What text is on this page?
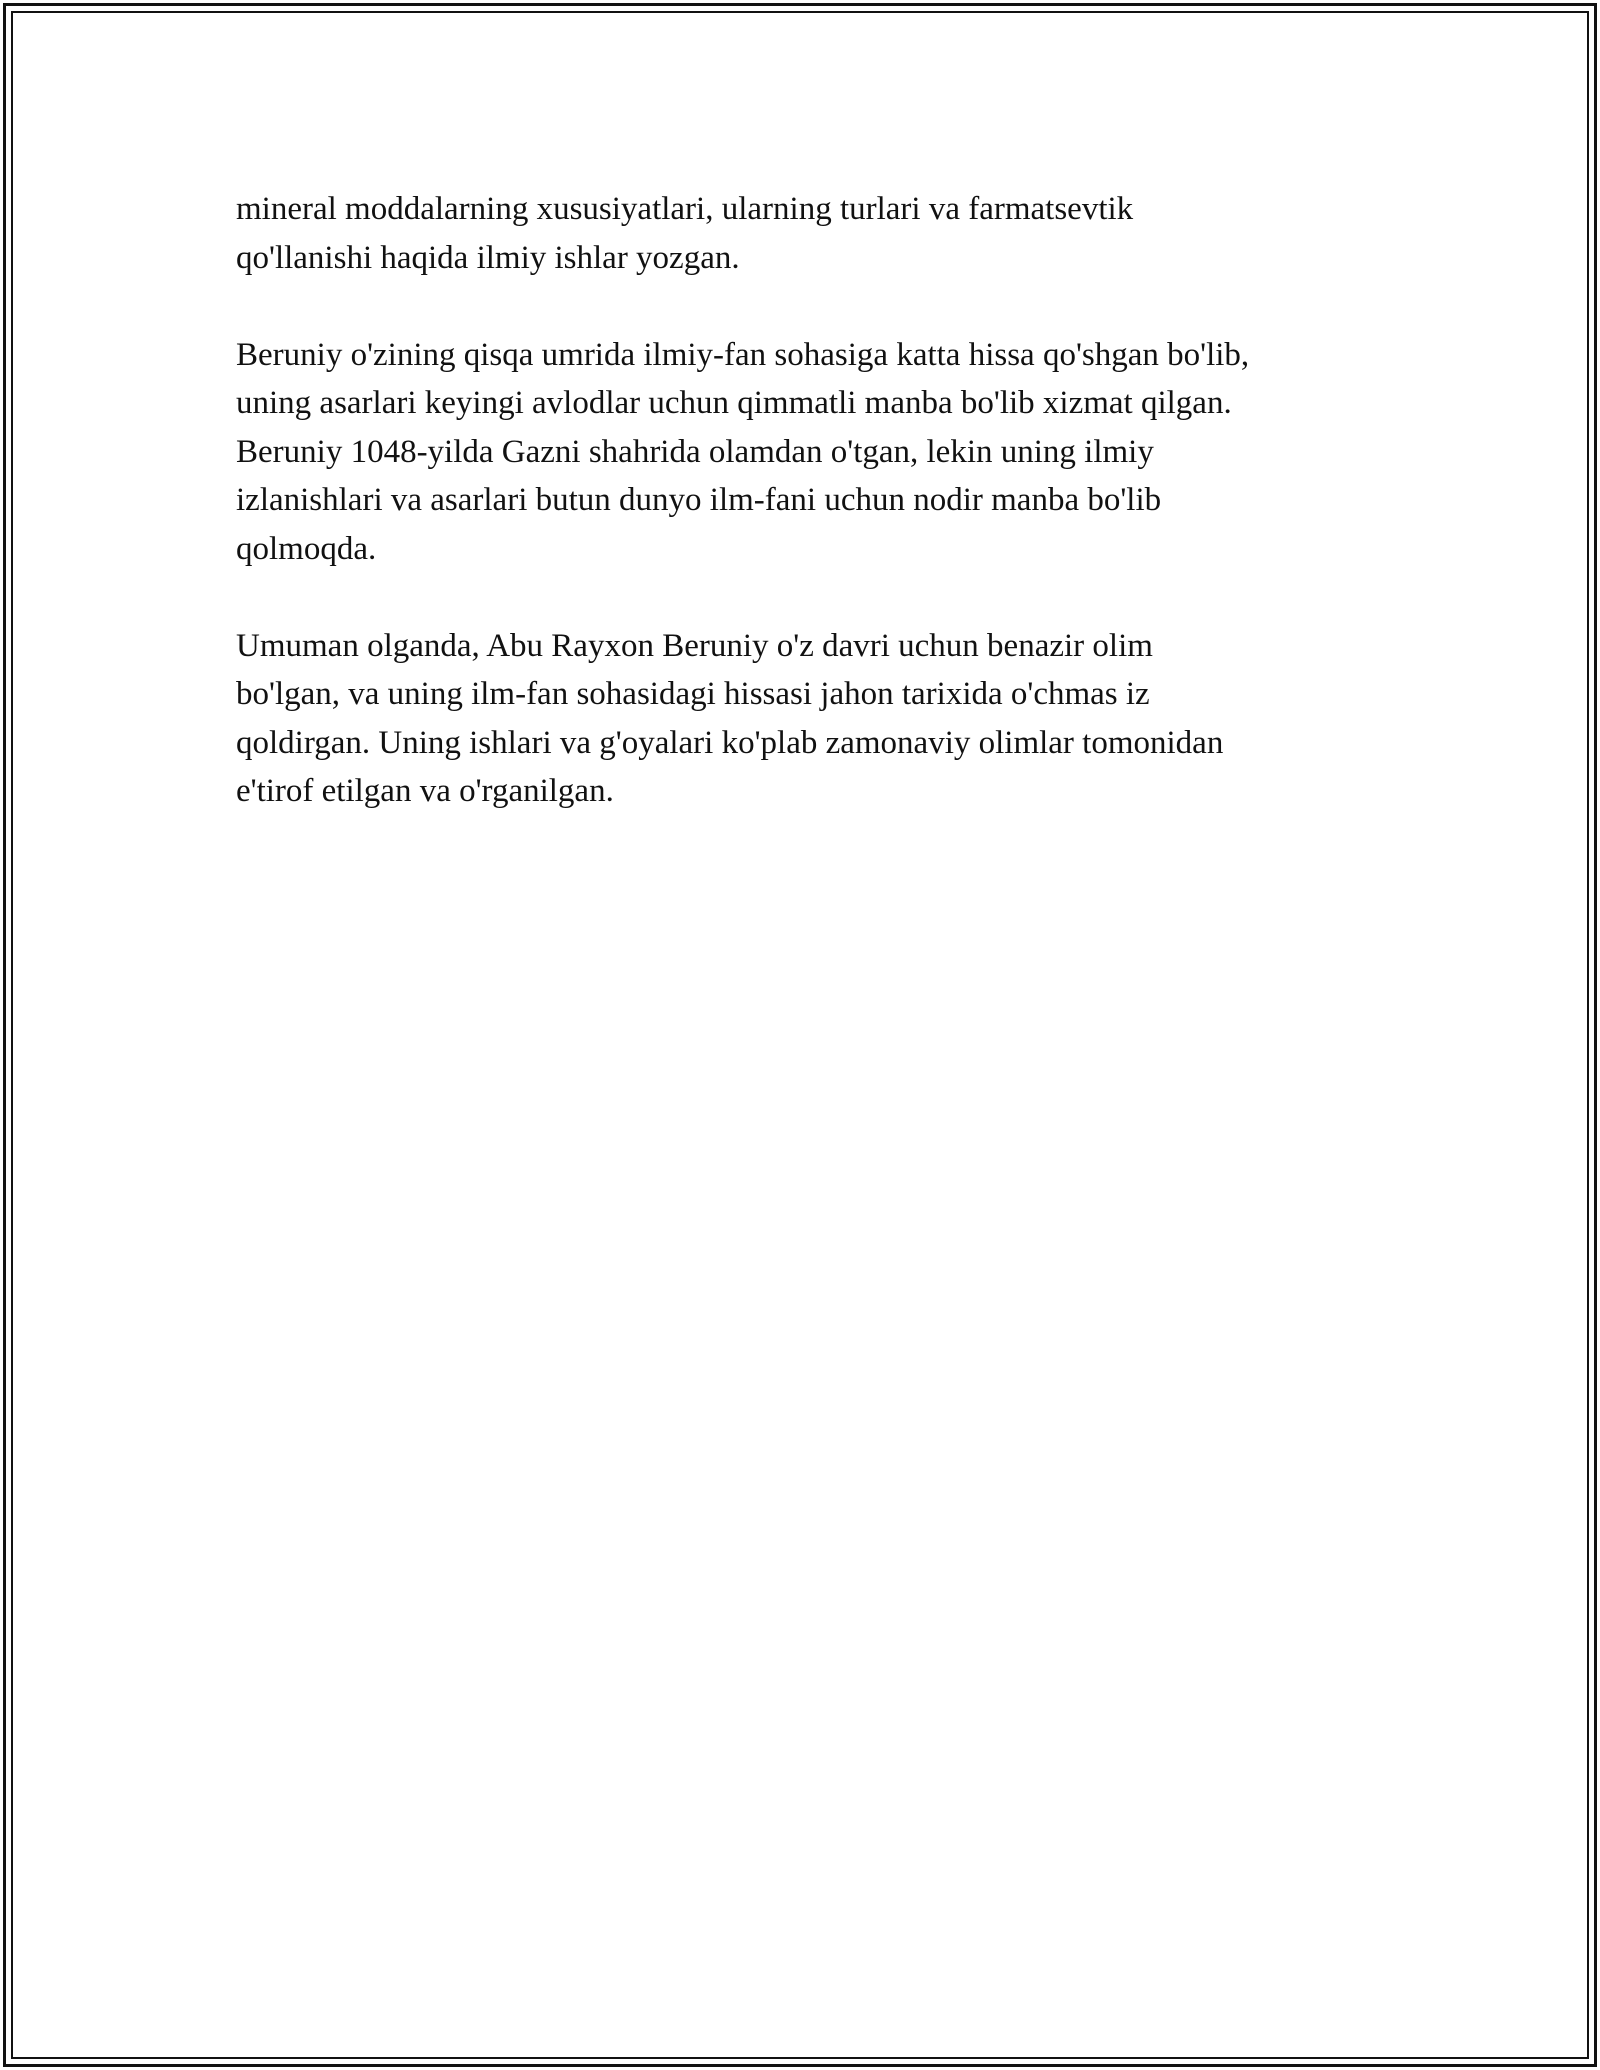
mineral moddalarning xususiyatlari, ularning turlari va farmatsevtik
qo'llanishi haqida ilmiy ishlar yozgan.

Beruniy o'zining qisqa umrida ilmiy-fan sohasiga katta hissa qo'shgan bo'lib,
uning asarlari keyingi avlodlar uchun qimmatli manba bo'lib xizmat qilgan.
Beruniy 1048-yilda Gazni shahrida olamdan o'tgan, lekin uning ilmiy
izlanishlari va asarlari butun dunyo ilm-fani uchun nodir manba bo'lib
qolmoqda.

Umuman olganda, Abu Rayxon Beruniy o'z davri uchun benazir olim
bo'lgan, va uning ilm-fan sohasidagi hissasi jahon tarixida o'chmas iz
qoldirgan. Uning ishlari va g'oyalari ko'plab zamonaviy olimlar tomonidan
e'tirof etilgan va o'rganilgan.
